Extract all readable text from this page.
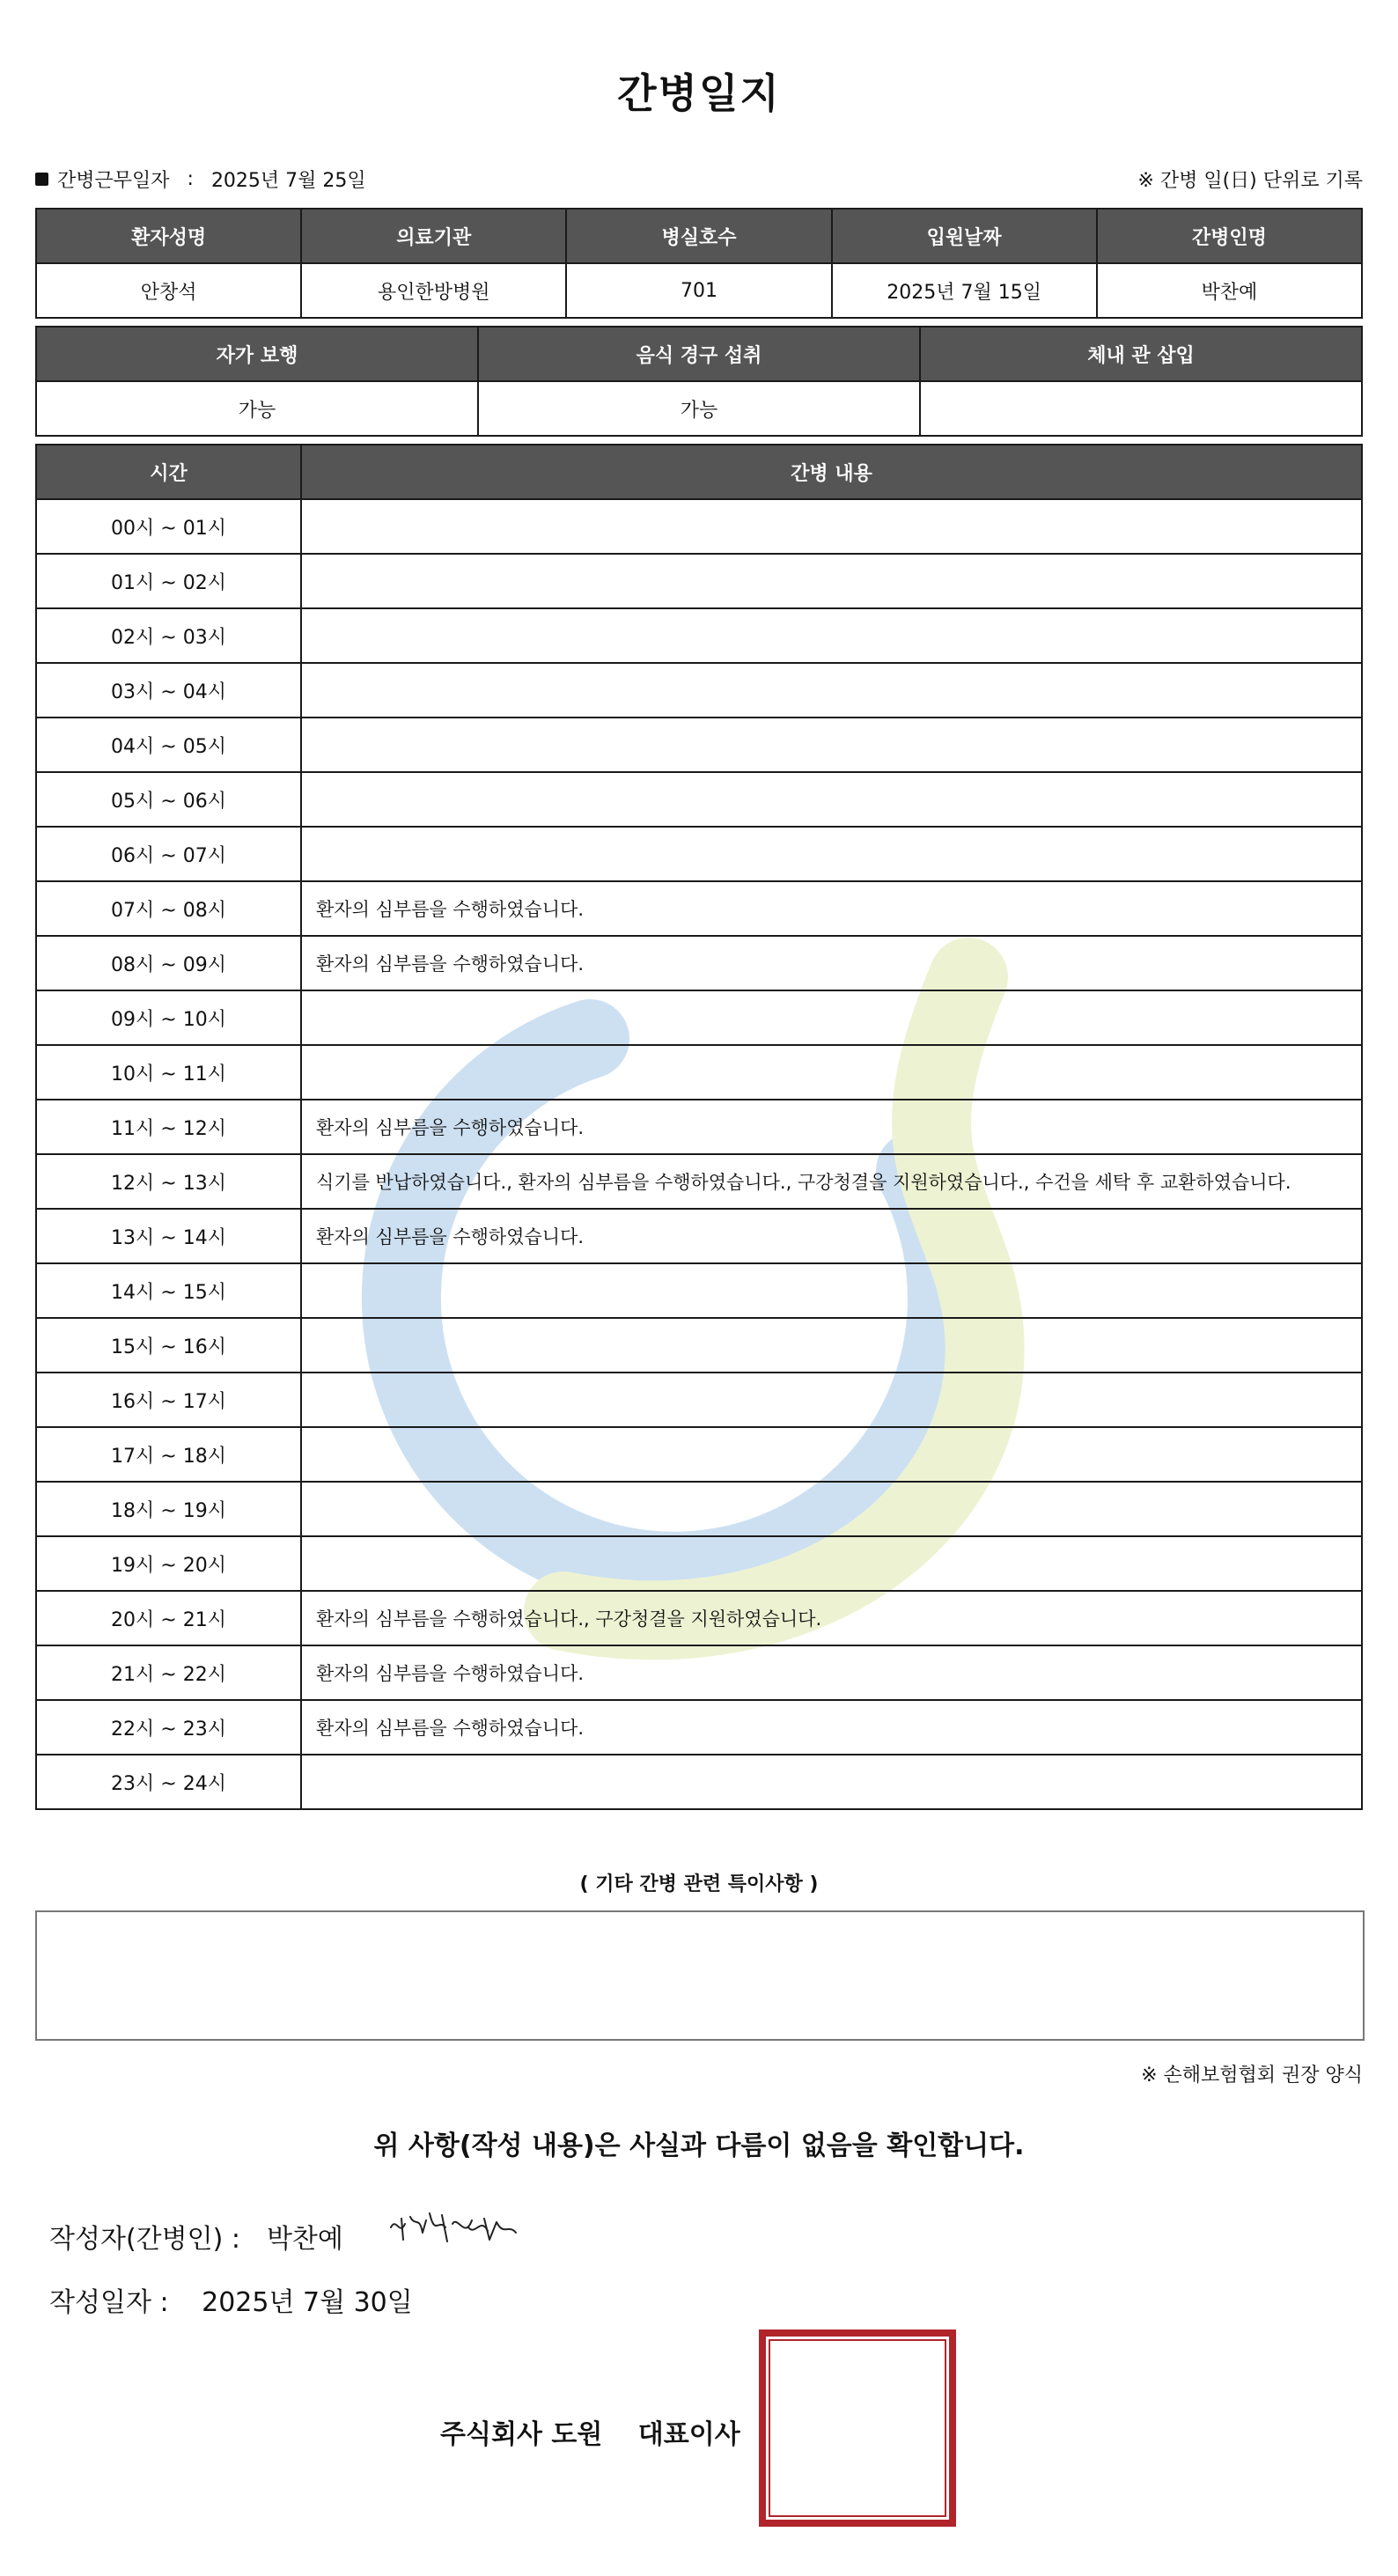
간병일지
간병근무일자 : 2025년 7월 25일	※ 간병 일(日) 단위로 기록
환자성명	의료기관	병실호수	입원날짜	간병인명
안창석	용인한방병원	701	2025년 7월 15일	박찬예
자가 보행	음식 경구 섭취	체내 관 삽입
가능	가능	
시간	간병 내용
00시 ~ 01시	
01시 ~ 02시	
02시 ~ 03시	
03시 ~ 04시	
04시 ~ 05시	
05시 ~ 06시	
06시 ~ 07시	
07시 ~ 08시	환자의 심부름을 수행하였습니다.
08시 ~ 09시	환자의 심부름을 수행하였습니다.
09시 ~ 10시	
10시 ~ 11시	
11시 ~ 12시	환자의 심부름을 수행하였습니다.
12시 ~ 13시	식기를 반납하였습니다., 환자의 심부름을 수행하였습니다., 구강청결을 지원하였습니다., 수건을 세탁 후 교환하였습니다.
13시 ~ 14시	환자의 심부름을 수행하였습니다.
14시 ~ 15시	
15시 ~ 16시	
16시 ~ 17시	
17시 ~ 18시	
18시 ~ 19시	
19시 ~ 20시	
20시 ~ 21시	환자의 심부름을 수행하였습니다., 구강청결을 지원하였습니다.
21시 ~ 22시	환자의 심부름을 수행하였습니다.
22시 ~ 23시	환자의 심부름을 수행하였습니다.
23시 ~ 24시	
( 기타 간병 관련 특이사항 )
※ 손해보험협회 권장 양식
위 사항(작성 내용)은 사실과 다름이 없음을 확인합니다.
작성자(간병인) : 박찬예
작성일자 : 2025년 7월 30일
주식회사 도원 대표이사
